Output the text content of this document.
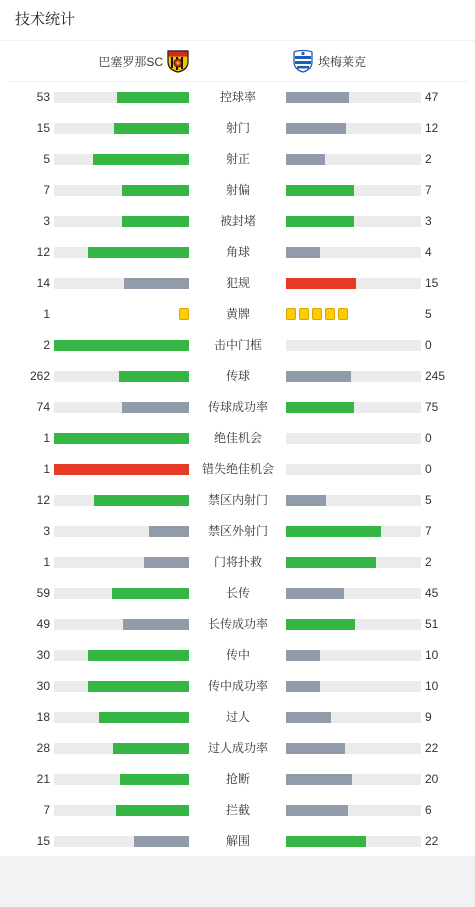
技术统计
巴塞罗那SC	埃梅莱克
53	控球率	47
15	射门	12
5	射正	2
7	射偏	7
3	被封堵	3
12	角球	4
14	犯规	15
1	黄牌	5
2	击中门框	0
262	传球	245
74	传球成功率	75
1	绝佳机会	0
1	错失绝佳机会	0
12	禁区内射门	5
3	禁区外射门	7
1	门将扑救	2
59	长传	45
49	长传成功率	51
30	传中	10
30	传中成功率	10
18	过人	9
28	过人成功率	22
21	抢断	20
7	拦截	6
15	解围	22
